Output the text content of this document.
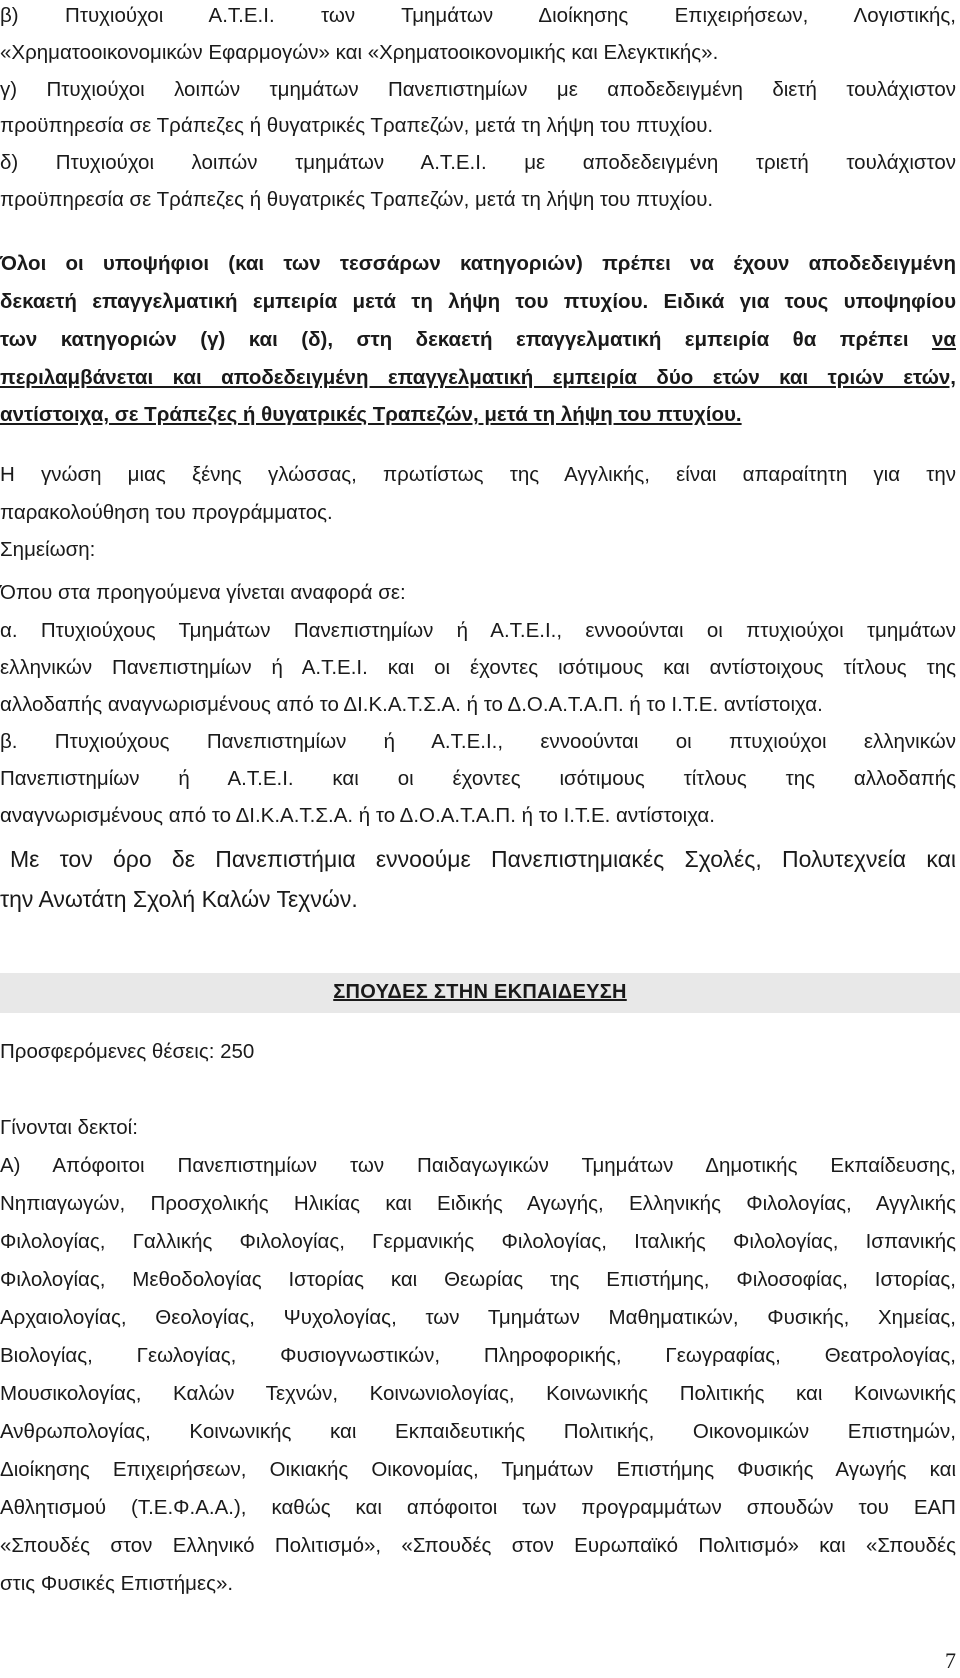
β) Πτυχιούχοι Α.Τ.Ε.Ι. των Τμημάτων Διοίκησης Επιχειρήσεων, Λογιστικής,
«Χρηματοοικονομικών Εφαρμογών» και «Χρηματοοικονομικής και Ελεγκτικής».
γ) Πτυχιούχοι λοιπών τμημάτων Πανεπιστημίων με αποδεδειγμένη διετή τουλάχιστον
προϋπηρεσία σε Τράπεζες ή θυγατρικές Τραπεζών, μετά τη λήψη του πτυχίου.
δ) Πτυχιούχοι λοιπών τμημάτων Α.Τ.Ε.Ι. με αποδεδειγμένη τριετή τουλάχιστον
προϋπηρεσία σε Τράπεζες ή θυγατρικές Τραπεζών, μετά τη λήψη του πτυχίου.
Όλοι οι υποψήφιοι (και των τεσσάρων κατηγοριών) πρέπει να έχουν αποδεδειγμένη
δεκαετή επαγγελματική εμπειρία μετά τη λήψη του πτυχίου. Ειδικά για τους υποψηφίου
των κατηγοριών (γ) και (δ), στη δεκαετή επαγγελματική εμπειρία θα πρέπει να
περιλαμβάνεται και αποδεδειγμένη επαγγελματική εμπειρία δύο ετών και τριών ετών,
αντίστοιχα, σε Τράπεζες ή θυγατρικές Τραπεζών, μετά τη λήψη του πτυχίου.
Η γνώση μιας ξένης γλώσσας, πρωτίστως της Αγγλικής, είναι απαραίτητη για την
παρακολούθηση του προγράμματος.
Σημείωση:
Όπου στα προηγούμενα γίνεται αναφορά σε:
α. Πτυχιούχους Τμημάτων Πανεπιστημίων ή Α.Τ.Ε.Ι., εννοούνται οι πτυχιούχοι τμημάτων
ελληνικών Πανεπιστημίων ή Α.Τ.Ε.Ι. και οι έχοντες ισότιμους και αντίστοιχους τίτλους της
αλλοδαπής αναγνωρισμένους από το ΔΙ.Κ.Α.Τ.Σ.Α. ή το Δ.Ο.Α.Τ.Α.Π. ή το Ι.Τ.Ε. αντίστοιχα.
β. Πτυχιούχους Πανεπιστημίων ή Α.Τ.Ε.Ι., εννοούνται οι πτυχιούχοι ελληνικών
Πανεπιστημίων ή Α.Τ.Ε.Ι. και οι έχοντες ισότιμους τίτλους της αλλοδαπής
αναγνωρισμένους από το ΔΙ.Κ.Α.Τ.Σ.Α. ή το Δ.Ο.Α.Τ.Α.Π. ή το Ι.Τ.Ε. αντίστοιχα.
Με τον όρο δε Πανεπιστήμια εννοούμε Πανεπιστημιακές Σχολές, Πολυτεχνεία και
την Ανωτάτη Σχολή Καλών Τεχνών.
ΣΠΟΥΔΕΣ ΣΤΗΝ ΕΚΠΑΙΔΕΥΣΗ
Προσφερόμενες θέσεις: 250
Γίνονται δεκτοί:
Α) Απόφοιτοι Πανεπιστημίων των Παιδαγωγικών Τμημάτων Δημοτικής Εκπαίδευσης,
Νηπιαγωγών, Προσχολικής Ηλικίας και Ειδικής Αγωγής, Ελληνικής Φιλολογίας, Αγγλικής
Φιλολογίας, Γαλλικής Φιλολογίας, Γερμανικής Φιλολογίας, Ιταλικής Φιλολογίας, Ισπανικής
Φιλολογίας, Μεθοδολογίας Ιστορίας και Θεωρίας της Επιστήμης, Φιλοσοφίας, Ιστορίας,
Αρχαιολογίας, Θεολογίας, Ψυχολογίας, των Τμημάτων Μαθηματικών, Φυσικής, Χημείας,
Βιολογίας, Γεωλογίας, Φυσιογνωστικών, Πληροφορικής, Γεωγραφίας, Θεατρολογίας,
Μουσικολογίας, Καλών Τεχνών, Κοινωνιολογίας, Κοινωνικής Πολιτικής και Κοινωνικής
Ανθρωπολογίας, Κοινωνικής και Εκπαιδευτικής Πολιτικής, Οικονομικών Επιστημών,
Διοίκησης Επιχειρήσεων, Οικιακής Οικονομίας, Τμημάτων Επιστήμης Φυσικής Αγωγής και
Αθλητισμού (Τ.Ε.Φ.Α.Α.), καθώς και απόφοιτοι των προγραμμάτων σπουδών του ΕΑΠ
«Σπουδές στον Ελληνικό Πολιτισμό», «Σπουδές στον Ευρωπαϊκό Πολιτισμό» και «Σπουδές
στις Φυσικές Επιστήμες».
7
